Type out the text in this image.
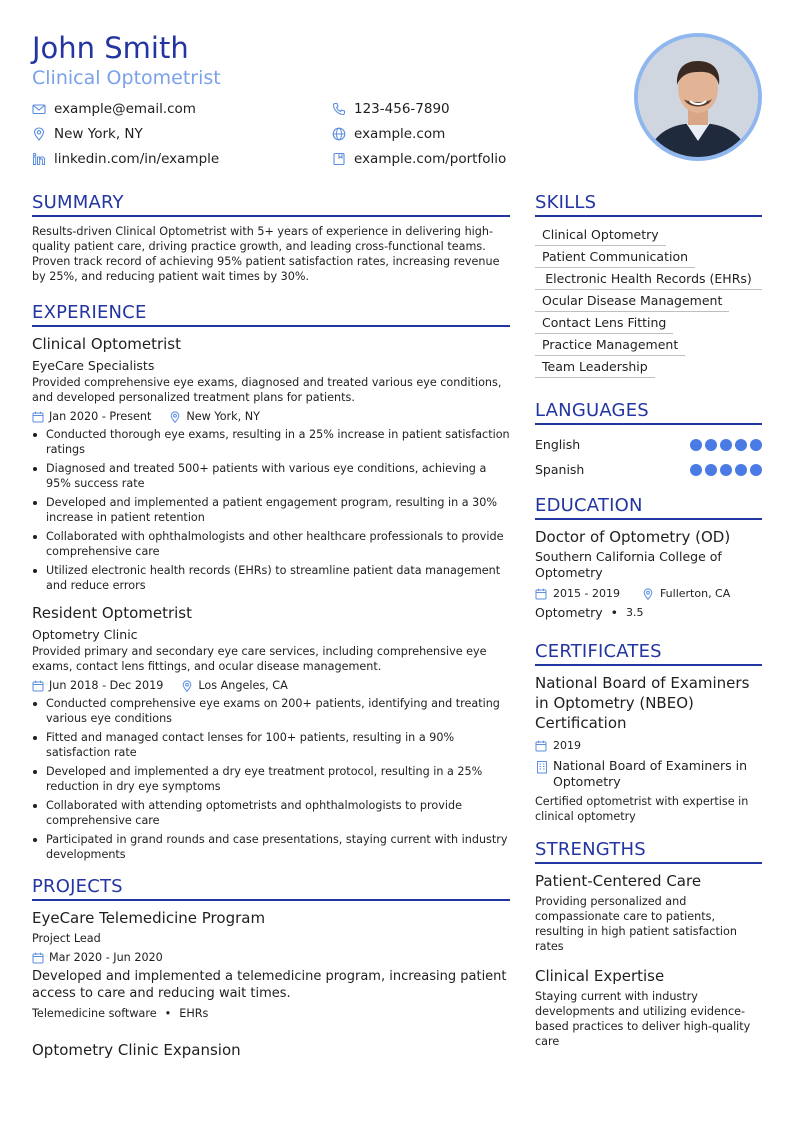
John Smith
Clinical Optometrist
example@email.com	123-456-7890
New York, NY	example.com
linkedin.com/in/example	example.com/portfolio
SUMMARY

Results-driven Clinical Optometrist with 5+ years of experience in delivering high-quality patient care, driving practice growth, and leading cross-functional teams. Proven track record of achieving 95% patient satisfaction rates, increasing revenue by 25%, and reducing patient wait times by 30%.

EXPERIENCE
Clinical Optometrist
EyeCare Specialists
Provided comprehensive eye exams, diagnosed and treated various eye conditions, and developed personalized treatment plans for patients.
Jan 2020 - Present	New York, NY
Conducted thorough eye exams, resulting in a 25% increase in patient satisfaction ratings
Diagnosed and treated 500+ patients with various eye conditions, achieving a 95% success rate
Developed and implemented a patient engagement program, resulting in a 30% increase in patient retention
Collaborated with ophthalmologists and other healthcare professionals to provide comprehensive care
Utilized electronic health records (EHRs) to streamline patient data management and reduce errors
Resident Optometrist
Optometry Clinic
Provided primary and secondary eye care services, including comprehensive eye exams, contact lens fittings, and ocular disease management.
Jun 2018 - Dec 2019	Los Angeles, CA
Conducted comprehensive eye exams on 200+ patients, identifying and treating various eye conditions
Fitted and managed contact lenses for 100+ patients, resulting in a 90% satisfaction rate
Developed and implemented a dry eye treatment protocol, resulting in a 25% reduction in dry eye symptoms
Collaborated with attending optometrists and ophthalmologists to provide comprehensive care
Participated in grand rounds and case presentations, staying current with industry developments
PROJECTS
EyeCare Telemedicine Program
Project Lead
Mar 2020 - Jun 2020
Developed and implemented a telemedicine program, increasing patient access to care and reducing wait times.
Telemedicine software • EHRs
Optometry Clinic Expansion
SKILLS
Clinical Optometry
Patient Communication
Electronic Health Records (EHRs)
Ocular Disease Management
Contact Lens Fitting
Practice Management
Team Leadership
LANGUAGES
English
Spanish
EDUCATION
Doctor of Optometry (OD)
Southern California College of Optometry
2015 - 2019	Fullerton, CA
Optometry • 3.5
CERTIFICATES
National Board of Examiners in Optometry (NBEO) Certification
2019
National Board of Examiners in Optometry
Certified optometrist with expertise in clinical optometry
STRENGTHS
Patient-Centered Care
Providing personalized and compassionate care to patients, resulting in high patient satisfaction rates
Clinical Expertise
Staying current with industry developments and utilizing evidence-based practices to deliver high-quality care
